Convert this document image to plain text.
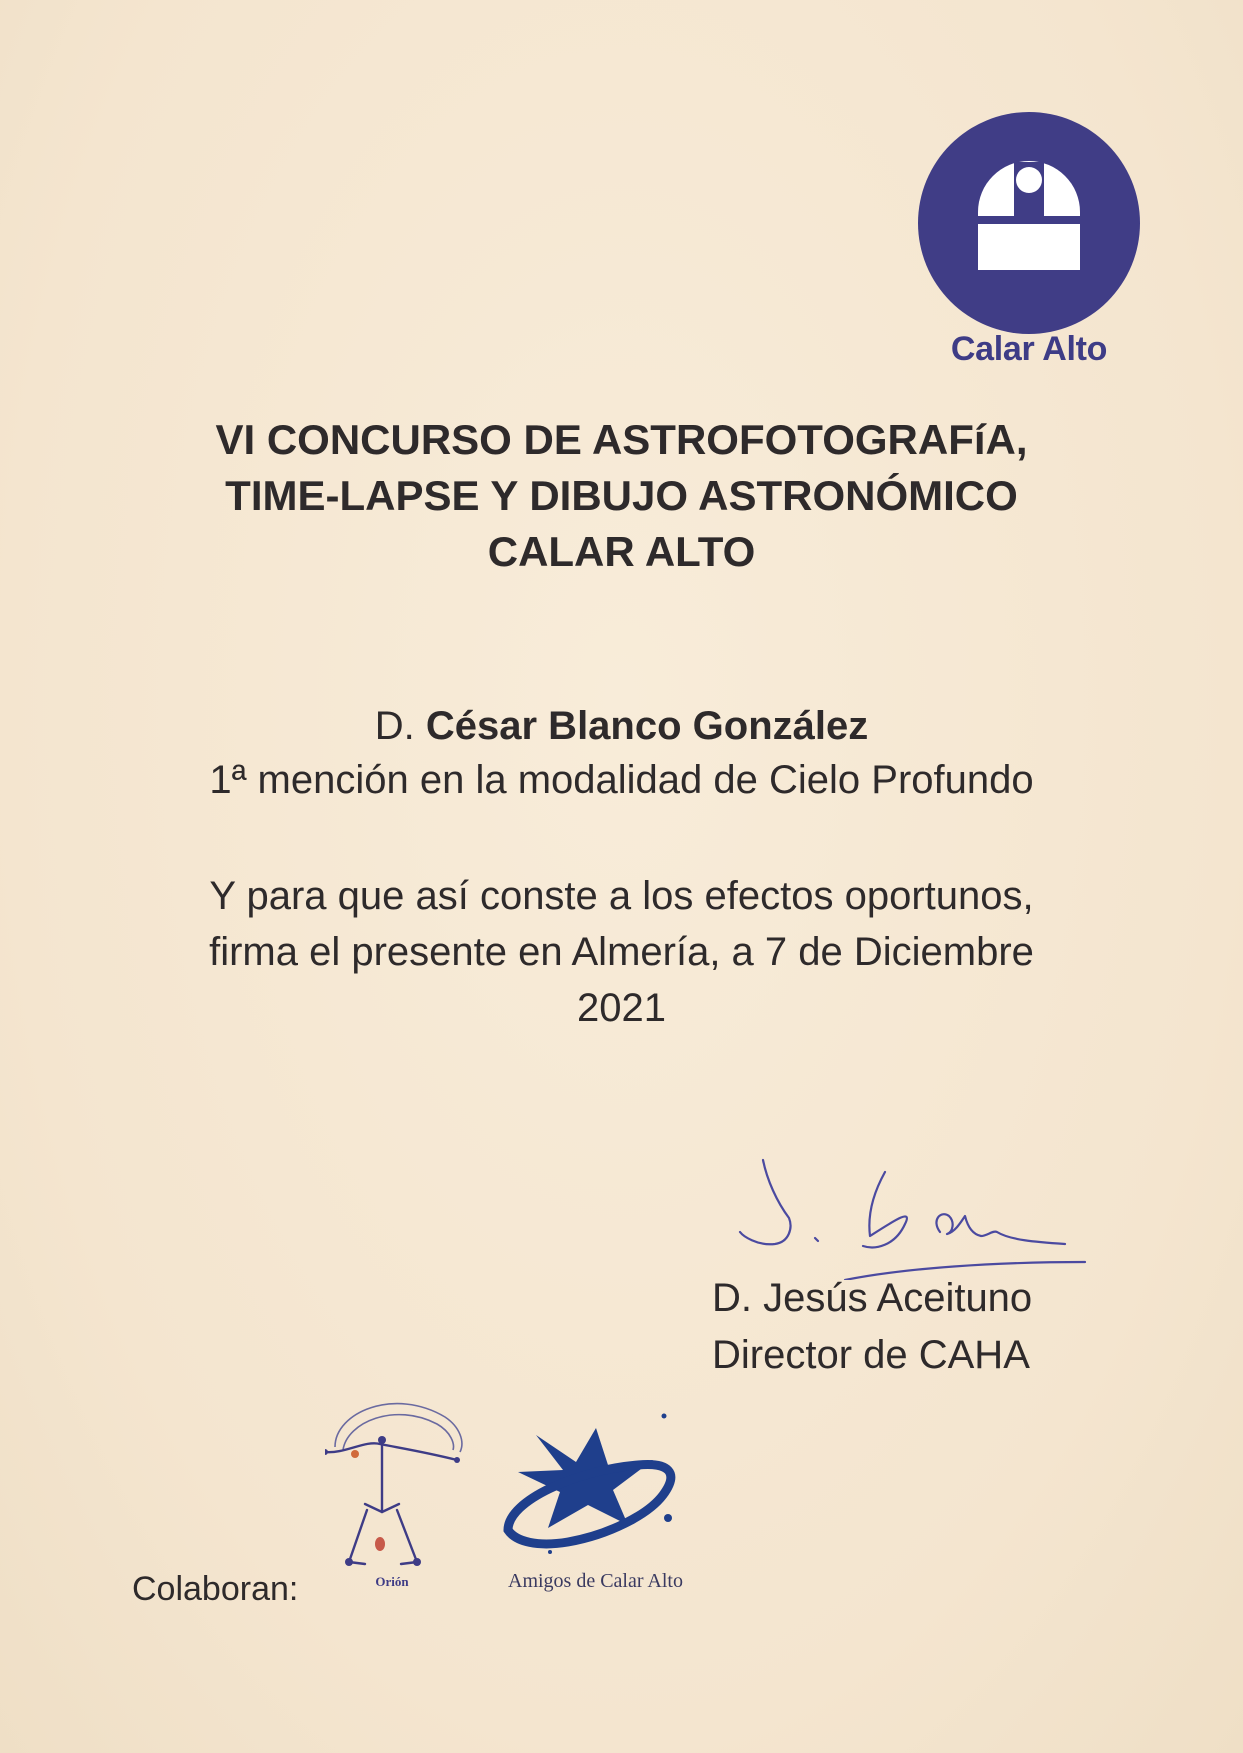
Calar Alto
VI CONCURSO DE ASTROFOTOGRAFíA,
TIME-LAPSE Y DIBUJO ASTRONÓMICO
CALAR ALTO
D. César Blanco González
1ª mención en la modalidad de Cielo Profundo
Y para que así conste a los efectos oportunos,
firma el presente en Almería, a 7 de Diciembre
2021
D. Jesús Aceituno
Director de CAHA
Colaboran:	Orión	Amigos de Calar Alto
